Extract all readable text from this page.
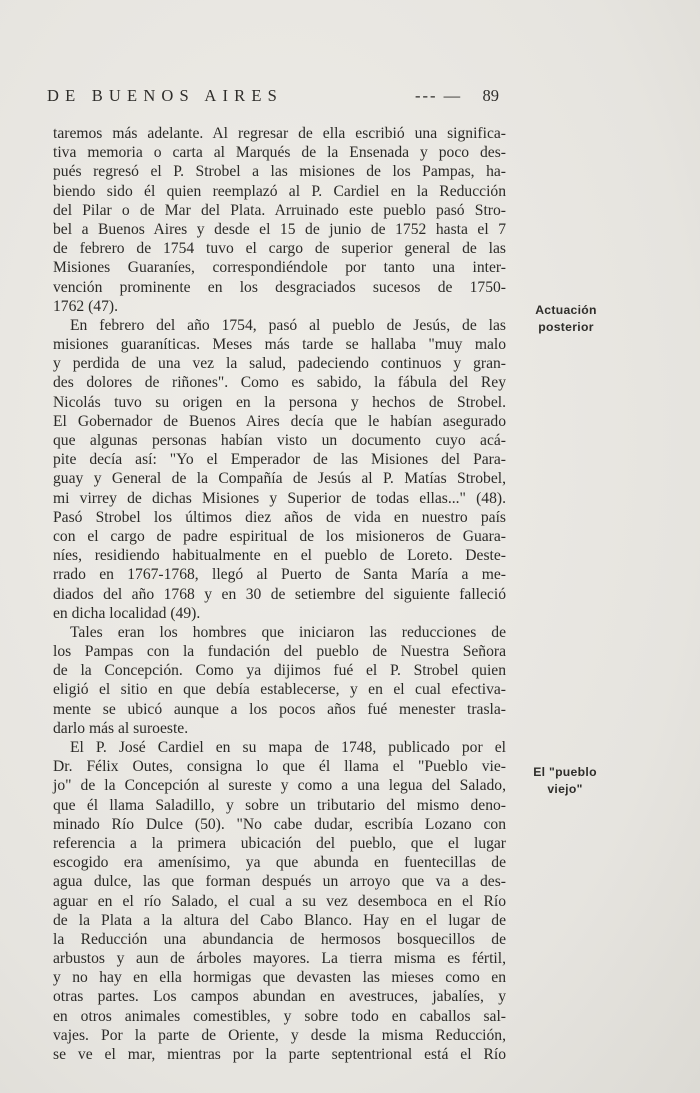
DE BUENOS AIRES	--- — 89
Actuación
posterior
El "pueblo
viejo"
taremos más adelante. Al regresar de ella escribió una significa-
tiva memoria o carta al Marqués de la Ensenada y poco des-
pués regresó el P. Strobel a las misiones de los Pampas, ha-
biendo sido él quien reemplazó al P. Cardiel en la Reducción
del Pilar o de Mar del Plata. Arruinado este pueblo pasó Stro-
bel a Buenos Aires y desde el 15 de junio de 1752 hasta el 7
de febrero de 1754 tuvo el cargo de superior general de las
Misiones Guaraníes, correspondiéndole por tanto una inter-
vención prominente en los desgraciados sucesos de 1750-
1762 (47).
En febrero del año 1754, pasó al pueblo de Jesús, de las
misiones guaraníticas. Meses más tarde se hallaba "muy malo
y perdida de una vez la salud, padeciendo continuos y gran-
des dolores de riñones". Como es sabido, la fábula del Rey
Nicolás tuvo su origen en la persona y hechos de Strobel.
El Gobernador de Buenos Aires decía que le habían asegurado
que algunas personas habían visto un documento cuyo acá-
pite decía así: "Yo el Emperador de las Misiones del Para-
guay y General de la Compañía de Jesús al P. Matías Strobel,
mi virrey de dichas Misiones y Superior de todas ellas..." (48).
Pasó Strobel los últimos diez años de vida en nuestro país
con el cargo de padre espiritual de los misioneros de Guara-
níes, residiendo habitualmente en el pueblo de Loreto. Deste-
rrado en 1767-1768, llegó al Puerto de Santa María a me-
diados del año 1768 y en 30 de setiembre del siguiente falleció
en dicha localidad (49).
Tales eran los hombres que iniciaron las reducciones de
los Pampas con la fundación del pueblo de Nuestra Señora
de la Concepción. Como ya dijimos fué el P. Strobel quien
eligió el sitio en que debía establecerse, y en el cual efectiva-
mente se ubicó aunque a los pocos años fué menester trasla-
darlo más al suroeste.
El P. José Cardiel en su mapa de 1748, publicado por el
Dr. Félix Outes, consigna lo que él llama el "Pueblo vie-
jo" de la Concepción al sureste y como a una legua del Salado,
que él llama Saladillo, y sobre un tributario del mismo deno-
minado Río Dulce (50). "No cabe dudar, escribía Lozano con
referencia a la primera ubicación del pueblo, que el lugar
escogido era amenísimo, ya que abunda en fuentecillas de
agua dulce, las que forman después un arroyo que va a des-
aguar en el río Salado, el cual a su vez desemboca en el Río
de la Plata a la altura del Cabo Blanco. Hay en el lugar de
la Reducción una abundancia de hermosos bosquecillos de
arbustos y aun de árboles mayores. La tierra misma es fértil,
y no hay en ella hormigas que devasten las mieses como en
otras partes. Los campos abundan en avestruces, jabalíes, y
en otros animales comestibles, y sobre todo en caballos sal-
vajes. Por la parte de Oriente, y desde la misma Reducción,
se ve el mar, mientras por la parte septentrional está el Río
